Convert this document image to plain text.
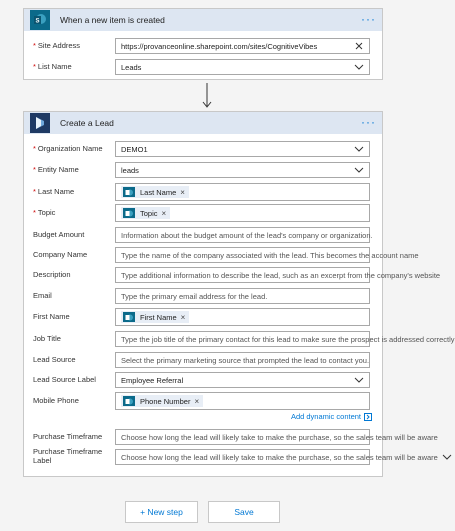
S When a new item is created	···
* Site Address	https://provanceonline.sharepoint.com/sites/CognitiveVibes
* List Name	Leads
Create a Lead	···
* Organization Name	DEMO1
* Entity Name	leads
* Last Name	Last Name ×
* Topic	Topic ×
Budget Amount	Information about the budget amount of the lead's company or organization.
Company Name	Type the name of the company associated with the lead. This becomes the account name
Description	Type additional information to describe the lead, such as an excerpt from the company's website
Email	Type the primary email address for the lead.
First Name	First Name ×
Job Title	Type the job title of the primary contact for this lead to make sure the prospect is addressed correctly
Lead Source	Select the primary marketing source that prompted the lead to contact you.
Lead Source Label	Employee Referral
Mobile Phone	Phone Number ×
Add dynamic content
Purchase Timeframe	Choose how long the lead will likely take to make the purchase, so the sales team will be aware
Purchase Timeframe Label	Choose how long the lead will likely take to make the purchase, so the sales team will be aware
+ New step	Save
